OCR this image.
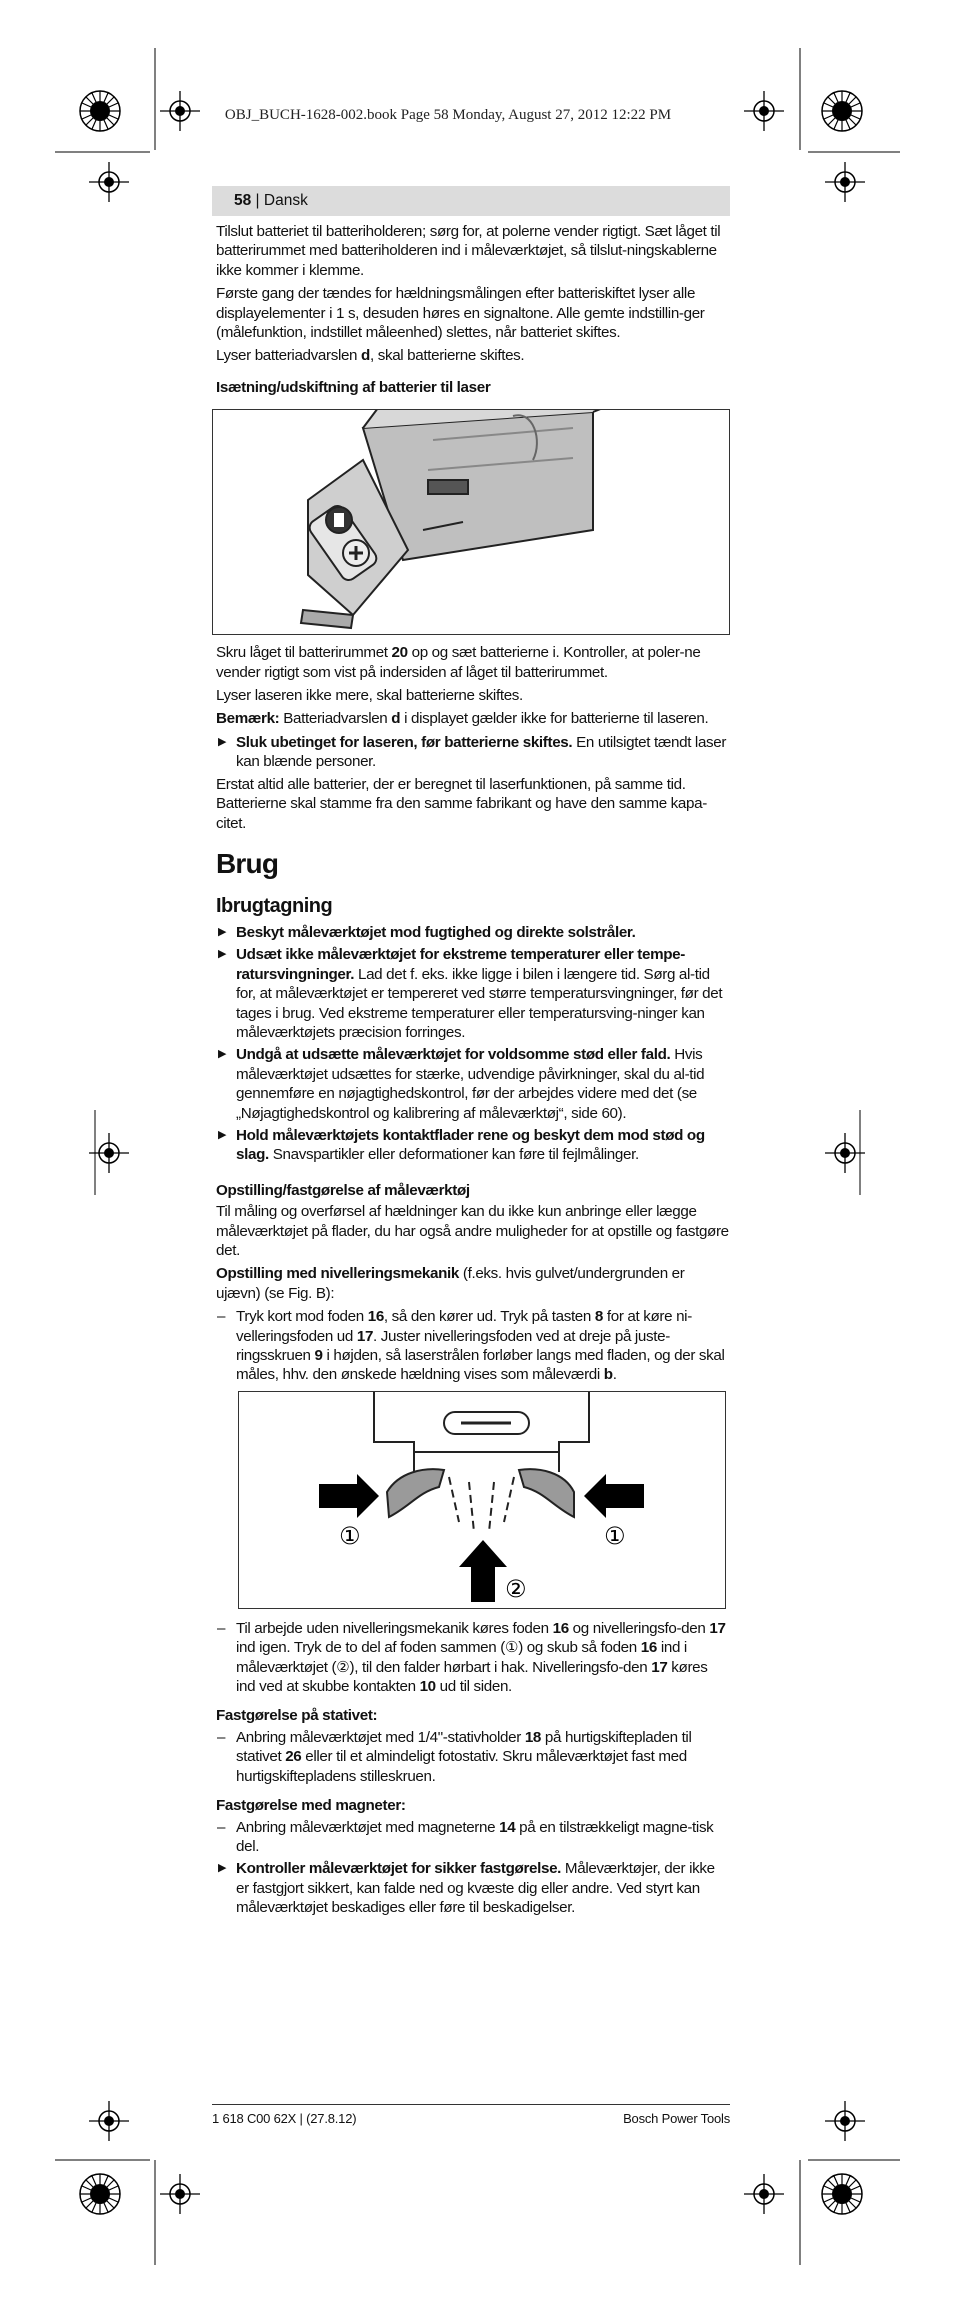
OBJ_BUCH-1628-002.book Page 58 Monday, August 27, 2012 12:22 PM
58 | Dansk

Tilslut batteriet til batteriholderen; sørg for, at polerne vender rigtigt. Sæt låget til batterirummet med batteriholderen ind i måleværktøjet, så tilslut-ningskablerne ikke kommer i klemme.

Første gang der tændes for hældningsmålingen efter batteriskiftet lyser alle displayelementer i 1 s, desuden høres en signaltone. Alle gemte indstillin-ger (målefunktion, indstillet måleenhed) slettes, når batteriet skiftes.

Lyser batteriadvarslen d, skal batterierne skiftes.

Isætning/udskiftning af batterier til laser

Skru låget til batterirummet 20 op og sæt batterierne i. Kontroller, at poler-ne vender rigtigt som vist på indersiden af låget til batterirummet.

Lyser laseren ikke mere, skal batterierne skiftes.

Bemærk: Batteriadvarslen d i displayet gælder ikke for batterierne til laseren.

▶ Sluk ubetinget for laseren, før batterierne skiftes. En utilsigtet tændt laser kan blænde personer.

Erstat altid alle batterier, der er beregnet til laserfunktionen, på samme tid. Batterierne skal stamme fra den samme fabrikant og have den samme kapa-citet.

Brug
Ibrugtagning
▶ Beskyt måleværktøjet mod fugtighed og direkte solstråler.
▶ Udsæt ikke måleværktøjet for ekstreme temperaturer eller tempe-ratursvingninger. Lad det f. eks. ikke ligge i bilen i længere tid. Sørg al-tid for, at måleværktøjet er tempereret ved større temperatursvingninger, før det tages i brug. Ved ekstreme temperaturer eller temperatursving-ninger kan måleværktøjets præcision forringes.
▶ Undgå at udsætte måleværktøjet for voldsomme stød eller fald. Hvis måleværktøjet udsættes for stærke, udvendige påvirkninger, skal du al-tid gennemføre en nøjagtighedskontrol, før der arbejdes videre med det (se „Nøjagtighedskontrol og kalibrering af måleværktøj“, side 60).
▶ Hold måleværktøjets kontaktflader rene og beskyt dem mod stød og slag. Snavspartikler eller deformationer kan føre til fejlmålinger.
Opstilling/fastgørelse af måleværktøj

Til måling og overførsel af hældninger kan du ikke kun anbringe eller lægge måleværktøjet på flader, du har også andre muligheder for at opstille og fastgøre det.

Opstilling med nivelleringsmekanik (f.eks. hvis gulvet/undergrunden er ujævn) (se Fig. B):

– Tryk kort mod foden 16, så den kører ud. Tryk på tasten 8 for at køre ni-velleringsfoden ud 17. Juster nivelleringsfoden ved at dreje på juste-ringsskruen 9 i højden, så laserstrålen forløber langs med fladen, og der skal måles, hhv. den ønskede hældning vises som måleværdi b.
①	①
②
– Til arbejde uden nivelleringsmekanik køres foden 16 og nivelleringsfo-den 17 ind igen. Tryk de to del af foden sammen (①) og skub så foden 16 ind i måleværktøjet (②), til den falder hørbart i hak. Nivelleringsfo-den 17 køres ind ved at skubbe kontakten 10 ud til siden.
Fastgørelse på stativet:
– Anbring måleværktøjet med 1/4"-stativholder 18 på hurtigskiftepladen til stativet 26 eller til et almindeligt fotostativ. Skru måleværktøjet fast med hurtigskiftepladens stilleskruen.
Fastgørelse med magneter:
– Anbring måleværktøjet med magneterne 14 på en tilstrækkeligt magne-tisk del.
▶ Kontroller måleværktøjet for sikker fastgørelse. Måleværktøjer, der ikke er fastgjort sikkert, kan falde ned og kvæste dig eller andre. Ved styrt kan måleværktøjet beskadiges eller føre til beskadigelser.
1 618 C00 62X | (27.8.12)	Bosch Power Tools
